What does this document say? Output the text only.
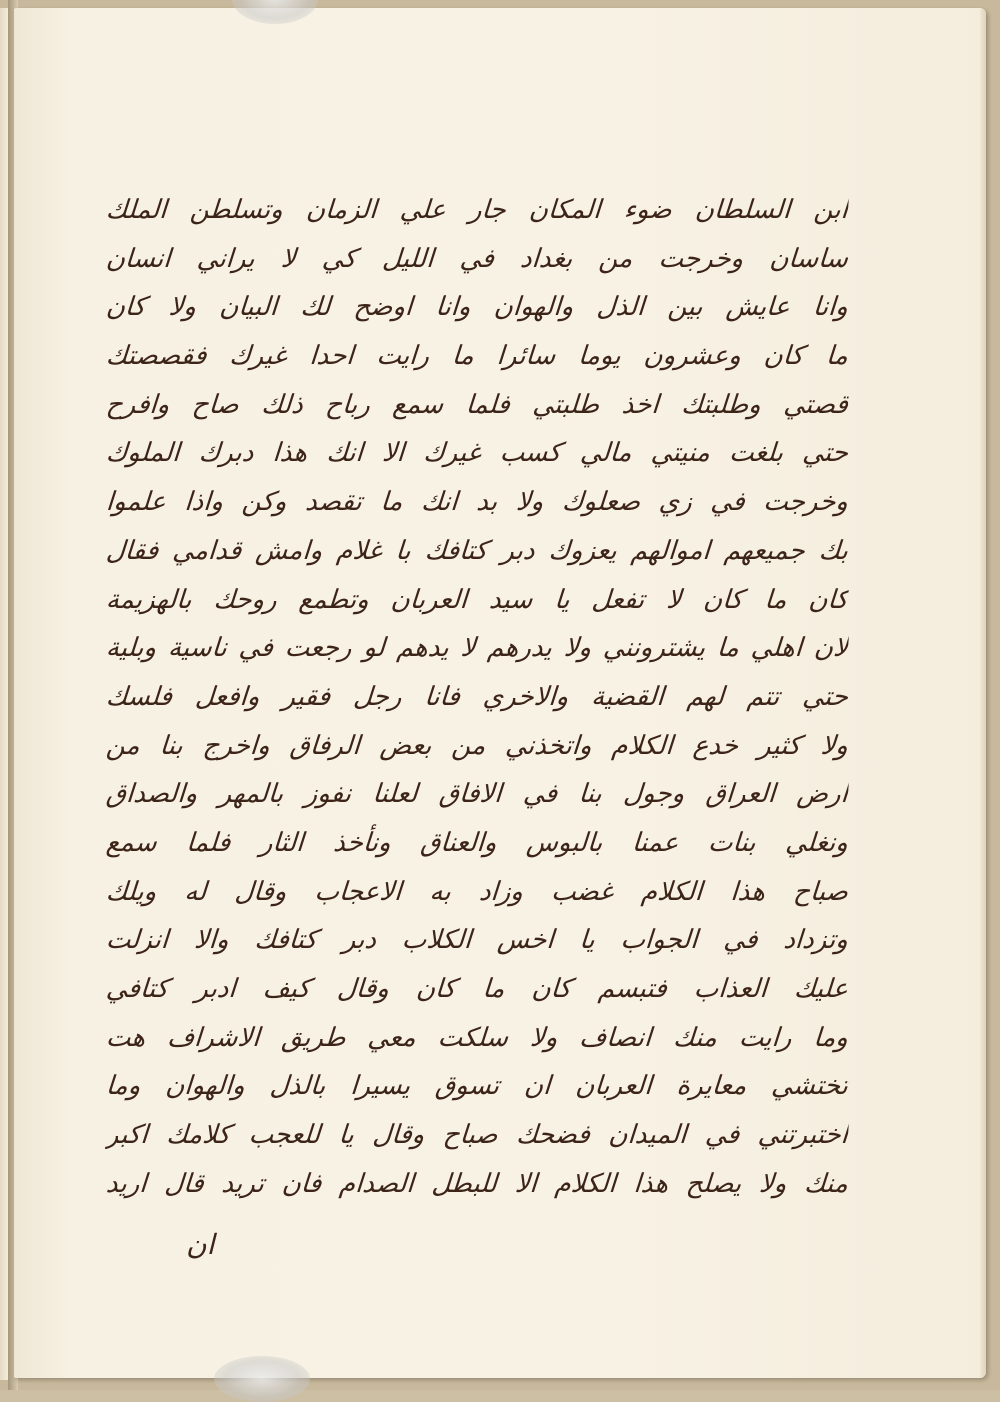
ابن السلطان ضوء المكان جار علي الزمان وتسلطن الملك
ساسان وخرجت من بغداد في الليل كي لا يراني انسان
وانا عايش بين الذل والهوان وانا اوضح لك البيان ولا كان
ما كان وعشرون يوما سائرا ما رايت احدا غيرك فقصصتك
قصتي وطلبتك اخذ طلبتي فلما سمع رباح ذلك صاح وافرح
حتي بلغت منيتي مالي كسب غيرك الا انك هذا دبرك الملوك
وخرجت في زي صعلوك ولا بد انك ما تقصد وكن واذا علموا
بك جميعهم اموالهم يعزوك دبر كتافك با غلام وامش قدامي فقال
كان ما كان لا تفعل يا سيد العربان وتطمع روحك بالهزيمة
لان اهلي ما يشترونني ولا يدرهم لا يدهم لو رجعت في ناسية وبلية
حتي تتم لهم القضية والاخري فانا رجل فقير وافعل فلسك
ولا كثير خدع الكلام واتخذني من بعض الرفاق واخرج بنا من
ارض العراق وجول بنا في الافاق لعلنا نفوز بالمهر والصداق
ونغلي بنات عمنا بالبوس والعناق ونأخذ الثار فلما سمع
صباح هذا الكلام غضب وزاد به الاعجاب وقال له ويلك
وتزداد في الجواب يا اخس الكلاب دبر كتافك والا انزلت
عليك العذاب فتبسم كان ما كان وقال كيف ادبر كتافي
وما رايت منك انصاف ولا سلكت معي طريق الاشراف هت
تختشي معايرة العربان ان تسوق يسيرا بالذل والهوان وما
اختبرتني في الميدان فضحك صباح وقال يا للعجب كلامك اكبر
منك ولا يصلح هذا الكلام الا للبطل الصدام فان تريد قال اريد
ان
